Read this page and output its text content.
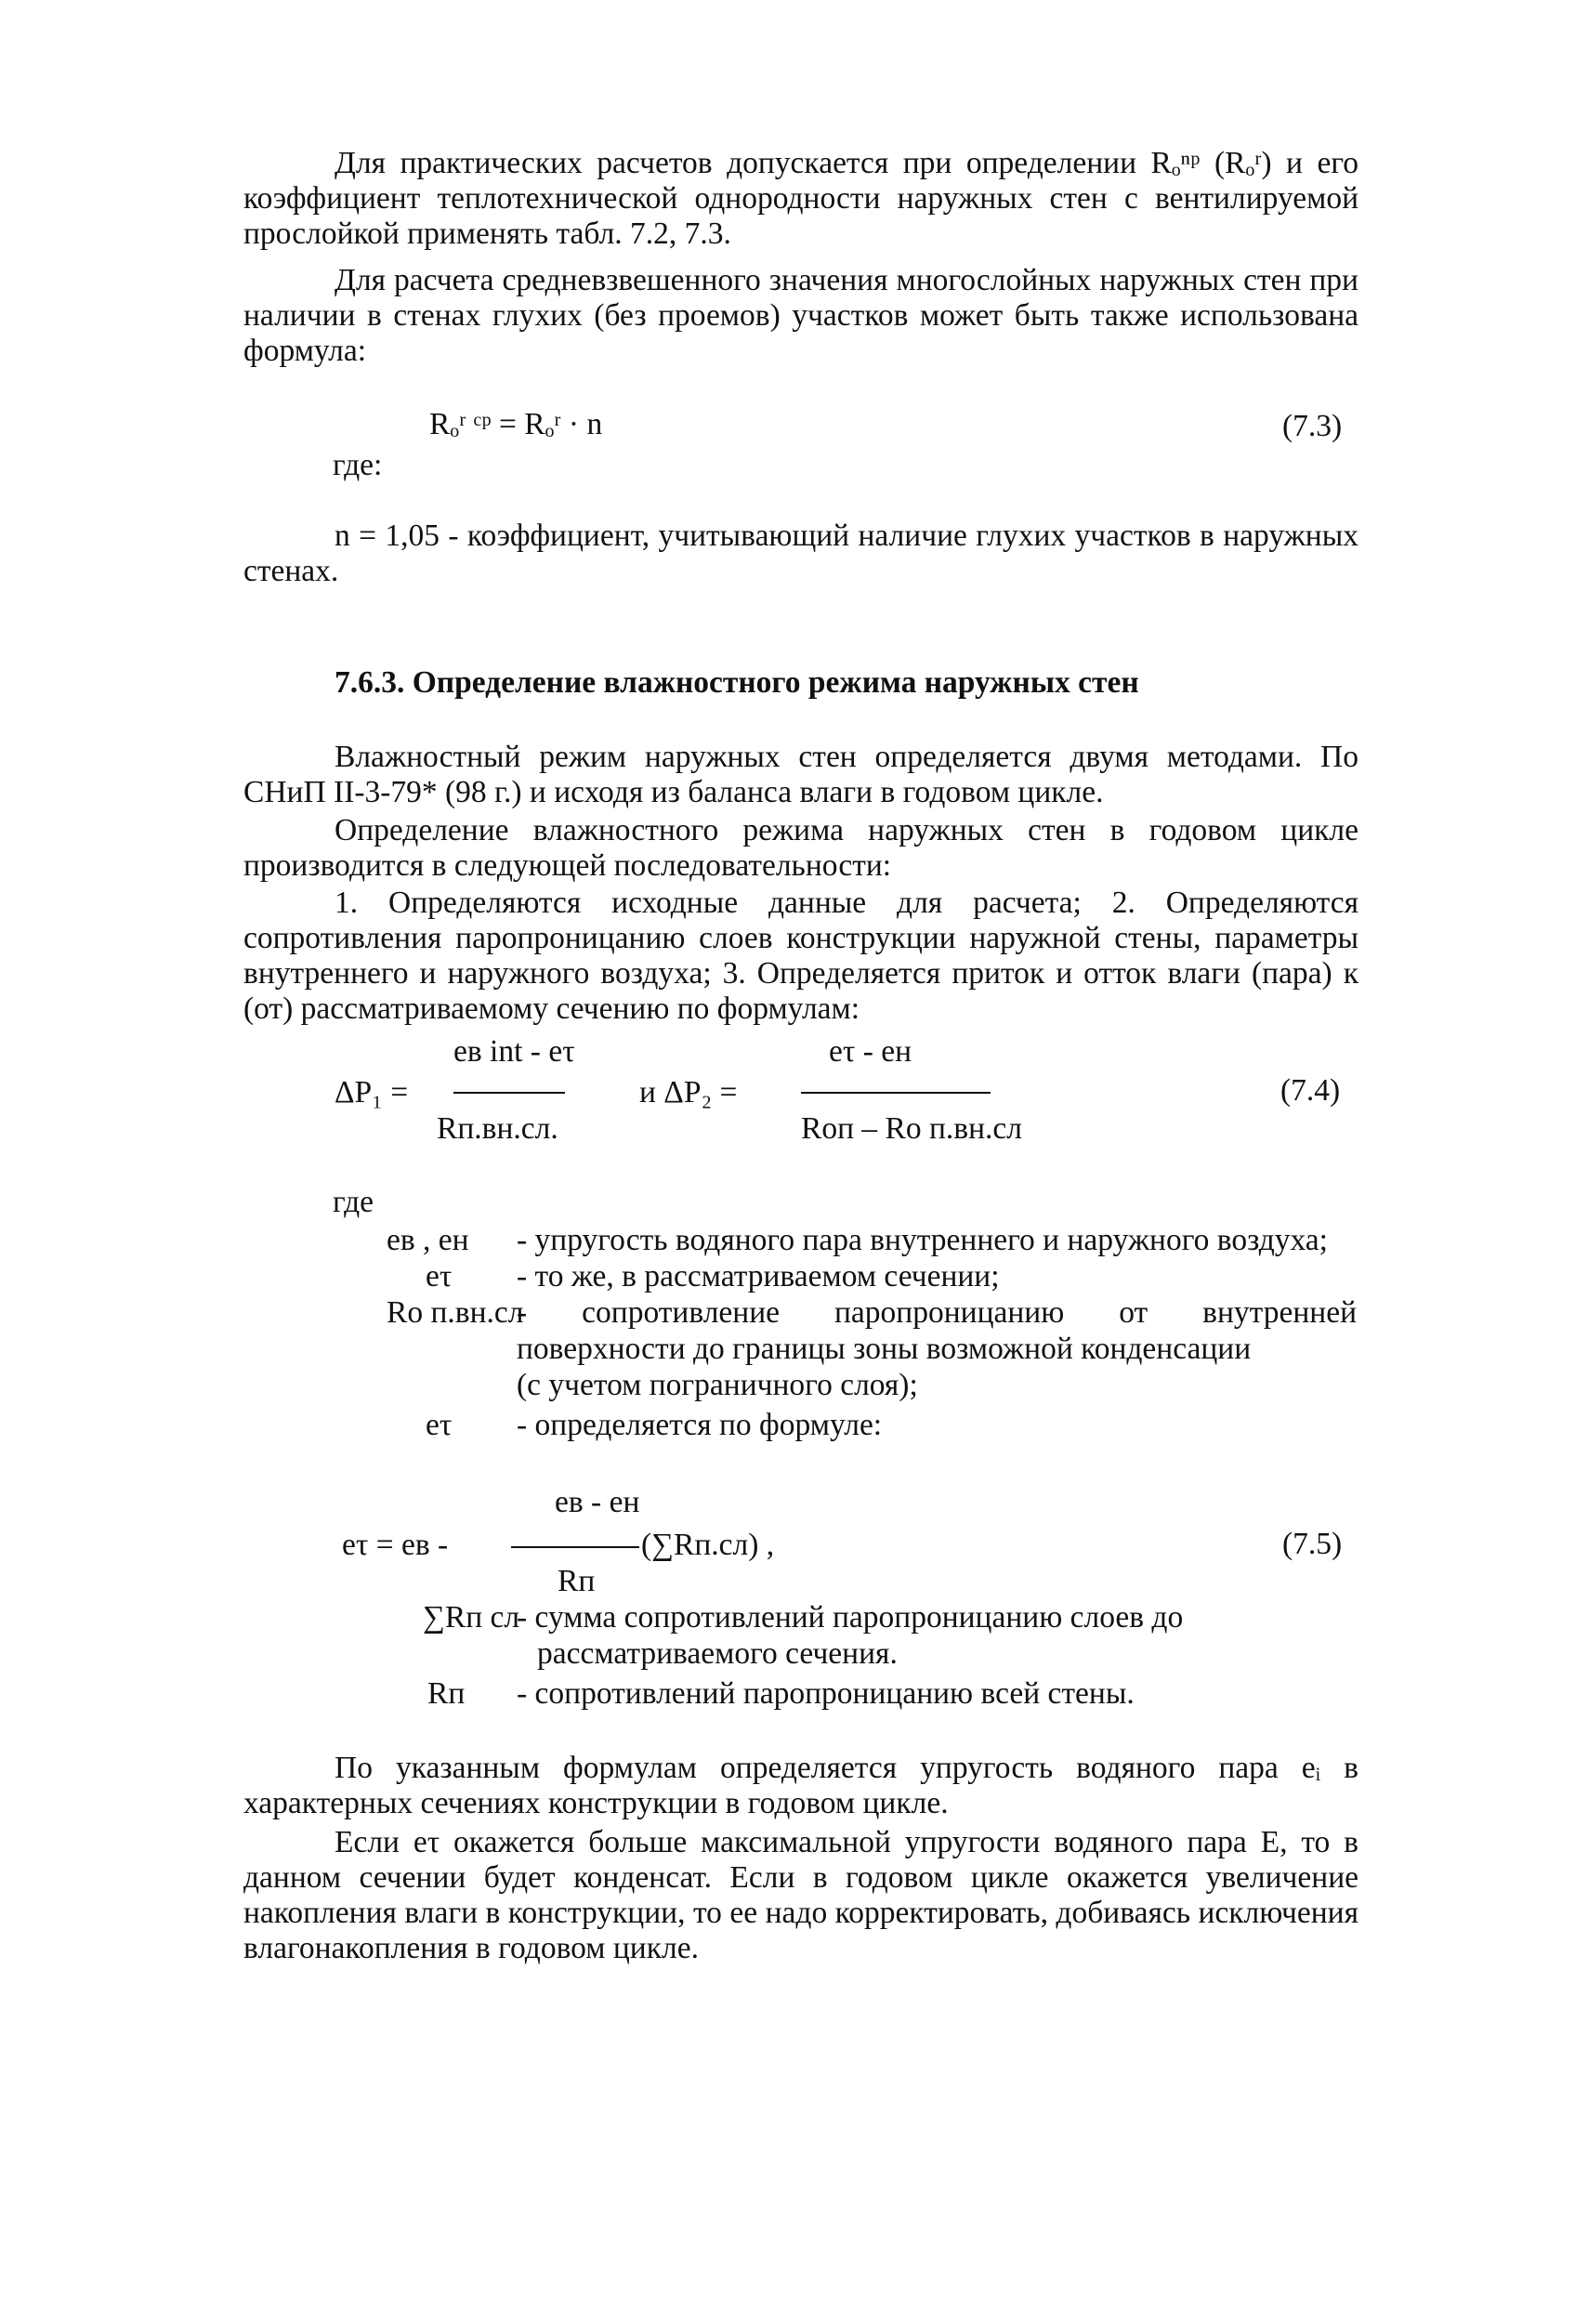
Для практических расчетов допускается при определении Rₒⁿᵖ (Rₒʳ) и его коэффициент теплотехнической однородности наружных стен с вентилируемой прослойкой применять табл. 7.2, 7.3.
Для расчета средневзвешенного значения многослойных наружных стен при наличии в стенах глухих (без проемов) участков может быть также использована формула:
Rₒʳ ᶜᵖ = Rₒʳ · n	(7.3)
где:
n = 1,05 - коэффициент, учитывающий наличие глухих участков в наружных стенах.
7.6.3. Определение влажностного режима наружных стен
Влажностный режим наружных стен определяется двумя методами. По СНиП II-3-79* (98 г.) и исходя из баланса влаги в годовом цикле.
Определение влажностного режима наружных стен в годовом цикле производится в следующей последовательности:
1. Определяются исходные данные для расчета; 2. Определяются сопротивления паропроницанию слоев конструкции наружной стены, параметры внутреннего и наружного воздуха; 3. Определяется приток и отток влаги (пара) к (от) рассматриваемому сечению по формулам:
ΔP₁ =
eв int - eτ
Rп.вн.сл.
и ΔP₂ =
eτ - eн
Rоп – Rо п.вн.сл
(7.4)
где
eв , eн - упругость водяного пара внутреннего и наружного воздуха;
eτ - то же, в рассматриваемом сечении;
Rо п.вн.сл
- сопротивление паропроницанию от внутренней
поверхности до границы зоны возможной конденсации
(с учетом пограничного слоя);
eτ - определяется по формуле:
eв - eн
eτ = eв -	(∑Rп.сл) ,
Rп
(7.5)
∑Rп сл
- сумма сопротивлений паропроницанию слоев до
рассматриваемого сечения.
Rп - сопротивлений паропроницанию всей стены.
По указанным формулам определяется упругость водяного пара eᵢ в характерных сечениях конструкции в годовом цикле.
Если eτ окажется больше максимальной упругости водяного пара E, то в данном сечении будет конденсат. Если в годовом цикле окажется увеличение накопления влаги в конструкции, то ее надо корректировать, добиваясь исключения влагонакопления в годовом цикле.
